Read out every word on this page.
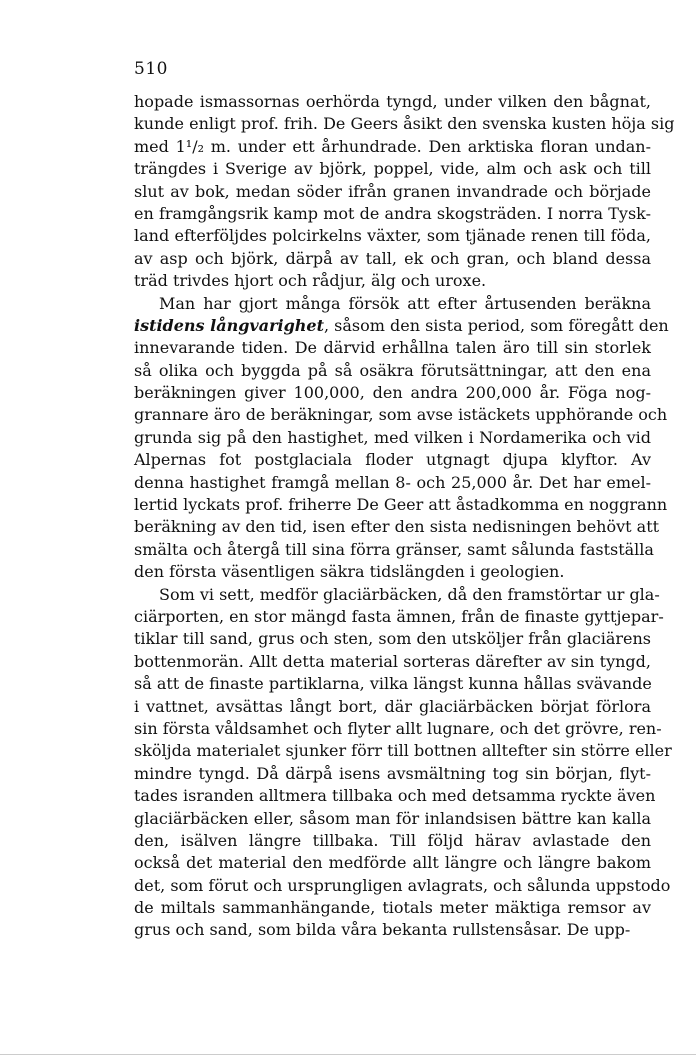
510
hopade ismassornas oerhörda tyngd, under vilken den bågnat,
kunde enligt prof. frih. De Geers åsikt den svenska kusten höja sig
med 1¹/₂ m. under ett århundrade. Den arktiska floran undan-
trängdes i Sverige av björk, poppel, vide, alm och ask och till
slut av bok, medan söder ifrån granen invandrade och började
en framgångsrik kamp mot de andra skogsträden. I norra Tysk-
land efterföljdes polcirkelns växter, som tjänade renen till föda,
av asp och björk, därpå av tall, ek och gran, och bland dessa
träd trivdes hjort och rådjur, älg och uroxe.
Man har gjort många försök att efter årtusenden beräkna
istidens långvarighet, såsom den sista period, som föregått den
innevarande tiden. De därvid erhållna talen äro till sin storlek
så olika och byggda på så osäkra förutsättningar, att den ena
beräkningen giver 100,000, den andra 200,000 år. Föga nog-
grannare äro de beräkningar, som avse istäckets upphörande och
grunda sig på den hastighet, med vilken i Nordamerika och vid
Alpernas fot postglaciala floder utgnagt djupa klyftor. Av
denna hastighet framgå mellan 8- och 25,000 år. Det har emel-
lertid lyckats prof. friherre De Geer att åstadkomma en noggrann
beräkning av den tid, isen efter den sista nedisningen behövt att
smälta och återgå till sina förra gränser, samt sålunda fastställa
den första väsentligen säkra tidslängden i geologien.
Som vi sett, medför glaciärbäcken, då den framstörtar ur gla-
ciärporten, en stor mängd fasta ämnen, från de finaste gyttjepar-
tiklar till sand, grus och sten, som den utsköljer från glaciärens
bottenmorän. Allt detta material sorteras därefter av sin tyngd,
så att de finaste partiklarna, vilka längst kunna hållas svävande
i vattnet, avsättas långt bort, där glaciärbäcken börjat förlora
sin första våldsamhet och flyter allt lugnare, och det grövre, ren-
sköljda materialet sjunker förr till bottnen alltefter sin större eller
mindre tyngd. Då därpå isens avsmältning tog sin början, flyt-
tades isranden alltmera tillbaka och med detsamma ryckte även
glaciärbäcken eller, såsom man för inlandsisen bättre kan kalla
den, isälven längre tillbaka. Till följd härav avlastade den
också det material den medförde allt längre och längre bakom
det, som förut och ursprungligen avlagrats, och sålunda uppstodo
de miltals sammanhängande, tiotals meter mäktiga remsor av
grus och sand, som bilda våra bekanta rullstensåsar. De upp-
